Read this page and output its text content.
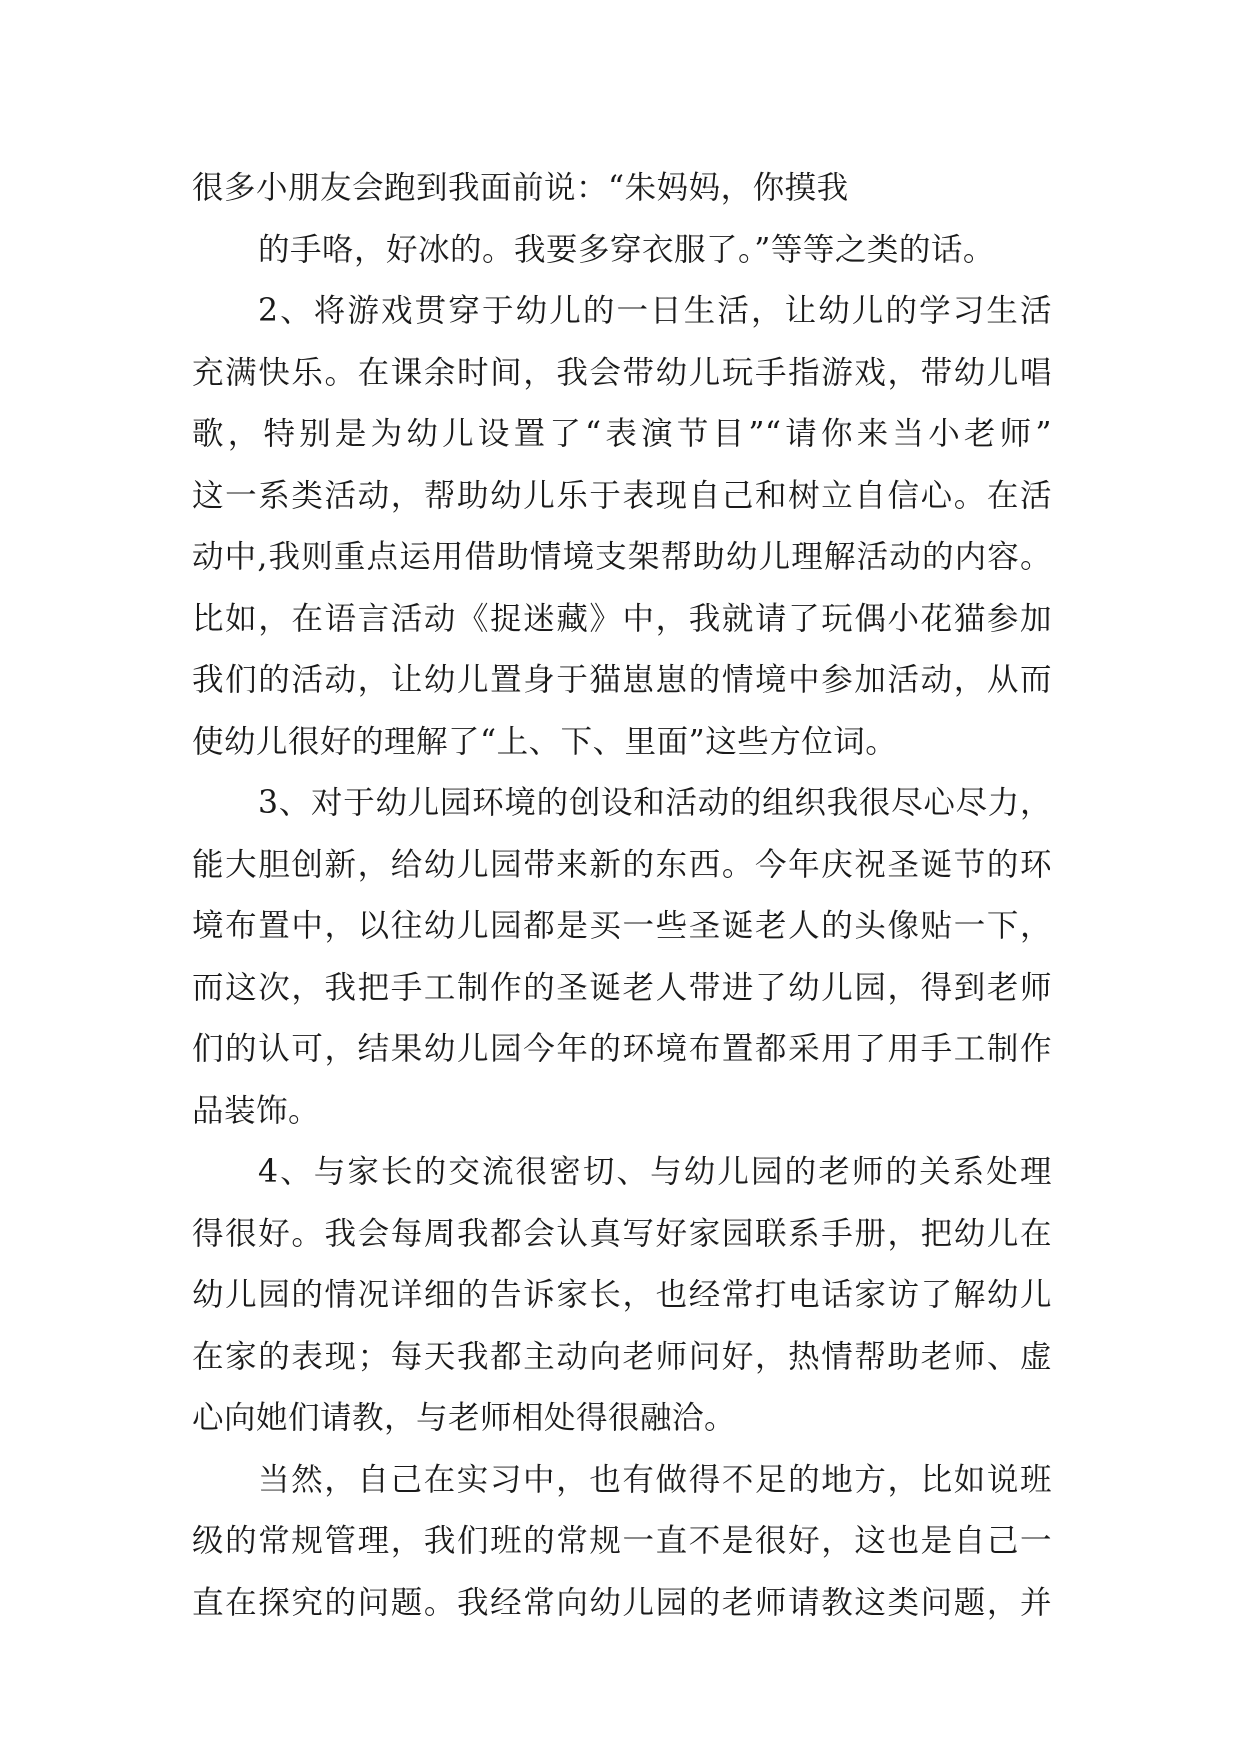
很多小朋友会跑到我面前说：“朱妈妈，你摸我
的手咯，好冰的。我要多穿衣服了。”等等之类的话。
2、将游戏贯穿于幼儿的一日生活，让幼儿的学习生活
充满快乐。在课余时间，我会带幼儿玩手指游戏，带幼儿唱
歌，特别是为幼儿设置了“表演节目”“请你来当小老师”
这一系类活动，帮助幼儿乐于表现自己和树立自信心。在活
动中,我则重点运用借助情境支架帮助幼儿理解活动的内容。
比如，在语言活动《捉迷藏》中，我就请了玩偶小花猫参加
我们的活动，让幼儿置身于猫崽崽的情境中参加活动，从而
使幼儿很好的理解了“上、下、里面”这些方位词。
3、对于幼儿园环境的创设和活动的组织我很尽心尽力，
能大胆创新，给幼儿园带来新的东西。今年庆祝圣诞节的环
境布置中，以往幼儿园都是买一些圣诞老人的头像贴一下，
而这次，我把手工制作的圣诞老人带进了幼儿园，得到老师
们的认可，结果幼儿园今年的环境布置都采用了用手工制作
品装饰。
4、与家长的交流很密切、与幼儿园的老师的关系处理
得很好。我会每周我都会认真写好家园联系手册，把幼儿在
幼儿园的情况详细的告诉家长，也经常打电话家访了解幼儿
在家的表现；每天我都主动向老师问好，热情帮助老师、虚
心向她们请教，与老师相处得很融洽。
当然，自己在实习中，也有做得不足的地方，比如说班
级的常规管理，我们班的常规一直不是很好，这也是自己一
直在探究的问题。我经常向幼儿园的老师请教这类问题，并
